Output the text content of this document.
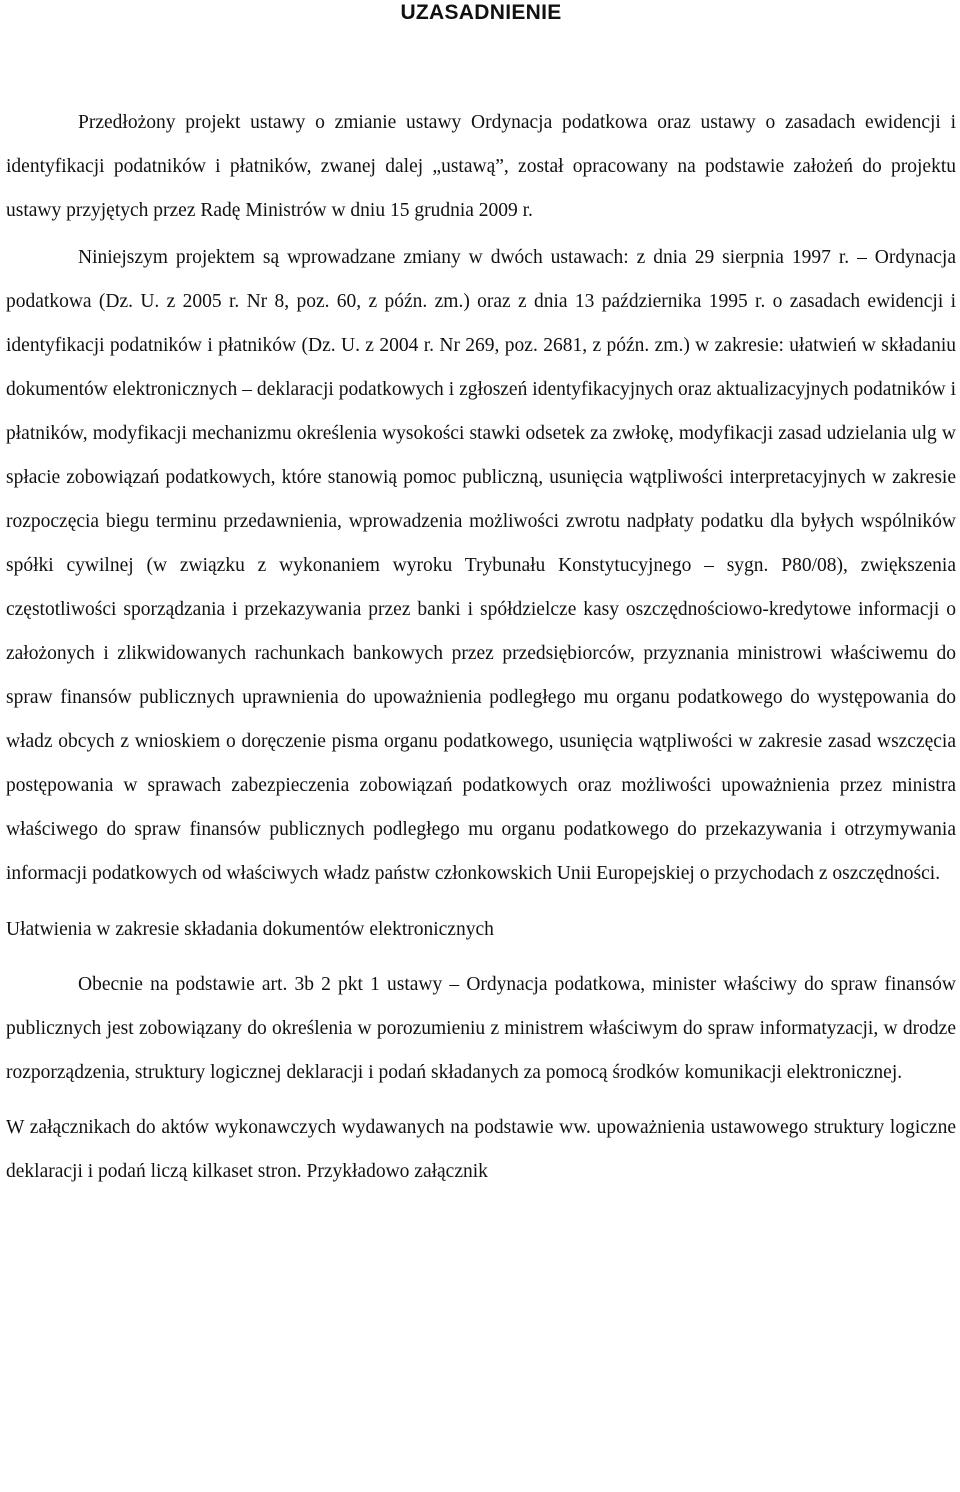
UZASADNIENIE

Przedłożony projekt ustawy o zmianie ustawy Ordynacja podatkowa oraz ustawy o zasadach ewidencji i identyfikacji podatników i płatników, zwanej dalej „ustawą”, został opracowany na podstawie założeń do projektu ustawy przyjętych przez Radę Ministrów w dniu 15 grudnia 2009 r.

Niniejszym projektem są wprowadzane zmiany w dwóch ustawach: z dnia 29 sierpnia 1997 r. – Ordynacja podatkowa (Dz. U. z 2005 r. Nr 8, poz. 60, z późn. zm.) oraz z dnia 13 października 1995 r. o zasadach ewidencji i identyfikacji podatników i płatników (Dz. U. z 2004 r. Nr 269, poz. 2681, z późn. zm.) w zakresie: ułatwień w składaniu dokumentów elektronicznych – deklaracji podatkowych i zgłoszeń identyfikacyjnych oraz aktualizacyjnych podatników i płatników, modyfikacji mechanizmu określenia wysokości stawki odsetek za zwłokę, modyfikacji zasad udzielania ulg w spłacie zobowiązań podatkowych, które stanowią pomoc publiczną, usunięcia wątpliwości interpretacyjnych w zakresie rozpoczęcia biegu terminu przedawnienia, wprowadzenia możliwości zwrotu nadpłaty podatku dla byłych wspólników spółki cywilnej (w związku z wykonaniem wyroku Trybunału Konstytucyjnego – sygn. P80/08), zwiększenia częstotliwości sporządzania i przekazywania przez banki i spółdzielcze kasy oszczędnościowo-kredytowe informacji o założonych i zlikwidowanych rachunkach bankowych przez przedsiębiorców, przyznania ministrowi właściwemu do spraw finansów publicznych uprawnienia do upoważnienia podległego mu organu podatkowego do występowania do władz obcych z wnioskiem o doręczenie pisma organu podatkowego, usunięcia wątpliwości w zakresie zasad wszczęcia postępowania w sprawach zabezpieczenia zobowiązań podatkowych oraz możliwości upoważnienia przez ministra właściwego do spraw finansów publicznych podległego mu organu podatkowego do przekazywania i otrzymywania informacji podatkowych od właściwych władz państw członkowskich Unii Europejskiej o przychodach z oszczędności.

Ułatwienia w zakresie składania dokumentów elektronicznych

Obecnie na podstawie art. 3b 2 pkt 1 ustawy – Ordynacja podatkowa, minister właściwy do spraw finansów publicznych jest zobowiązany do określenia w porozumieniu z ministrem właściwym do spraw informatyzacji, w drodze rozporządzenia, struktury logicznej deklaracji i podań składanych za pomocą środków komunikacji elektronicznej.

W załącznikach do aktów wykonawczych wydawanych na podstawie ww. upoważnienia ustawowego struktury logiczne deklaracji i podań liczą kilkaset stron. Przykładowo załącznik
